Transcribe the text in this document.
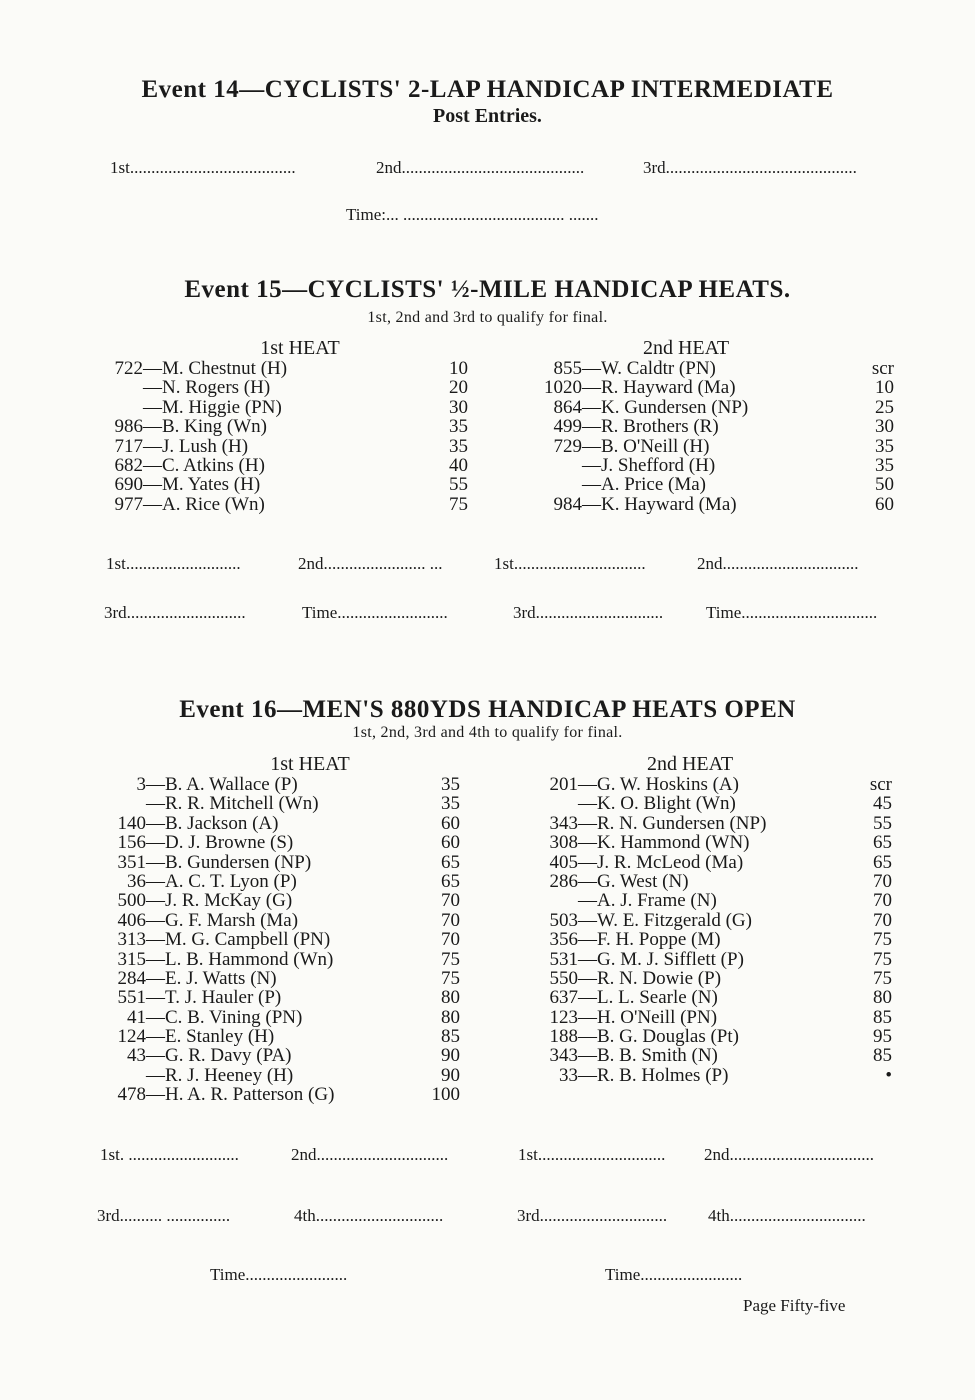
Event 14—CYCLISTS' 2-LAP HANDICAP INTERMEDIATE
Post Entries.
1st.......................................	2nd...........................................	3rd.............................................
Time:... ...................................... .......
Event 15—CYCLISTS' ½-MILE HANDICAP HEATS.
1st, 2nd and 3rd to qualify for final.
1st HEAT
722—M. Chestnut (H)	10
—N. Rogers (H)	20
—M. Higgie (PN)	30
986—B. King (Wn)	35
717—J. Lush (H)	35
682—C. Atkins (H)	40
690—M. Yates (H)	55
977—A. Rice (Wn)	75
2nd HEAT
855—W. Caldtr (PN)	scr
1020—R. Hayward (Ma)	10
864—K. Gundersen (NP)	25
499—R. Brothers (R)	30
729—B. O'Neill (H)	35
—J. Shefford (H)	35
—A. Price (Ma)	50
984—K. Hayward (Ma)	60
1st...........................	2nd........................ ...	1st...............................	2nd................................
3rd............................	Time..........................	3rd..............................	Time................................
Event 16—MEN'S 880YDS HANDICAP HEATS OPEN
1st, 2nd, 3rd and 4th to qualify for final.
1st HEAT
3—B. A. Wallace (P)	35
—R. R. Mitchell (Wn)	35
140—B. Jackson (A)	60
156—D. J. Browne (S)	60
351—B. Gundersen (NP)	65
36—A. C. T. Lyon (P)	65
500—J. R. McKay (G)	70
406—G. F. Marsh (Ma)	70
313—M. G. Campbell (PN)	70
315—L. B. Hammond (Wn)	75
284—E. J. Watts (N)	75
551—T. J. Hauler (P)	80
41—C. B. Vining (PN)	80
124—E. Stanley (H)	85
43—G. R. Davy (PA)	90
—R. J. Heeney (H)	90
478—H. A. R. Patterson (G)	100
2nd HEAT
201—G. W. Hoskins (A)	scr
—K. O. Blight (Wn)	45
343—R. N. Gundersen (NP)	55
308—K. Hammond (WN)	65
405—J. R. McLeod (Ma)	65
286—G. West (N)	70
—A. J. Frame (N)	70
503—W. E. Fitzgerald (G)	70
356—F. H. Poppe (M)	75
531—G. M. J. Sifflett (P)	75
550—R. N. Dowie (P)	75
637—L. L. Searle (N)	80
123—H. O'Neill (PN)	85
188—B. G. Douglas (Pt)	95
343—B. B. Smith (N)	85
33—R. B. Holmes (P)	•
1st. ..........................	2nd...............................	1st.............................. 2nd..................................
3rd.......... ...............	4th..............................	3rd.............................. 4th................................
Time........................	Time........................
Page Fifty-five
